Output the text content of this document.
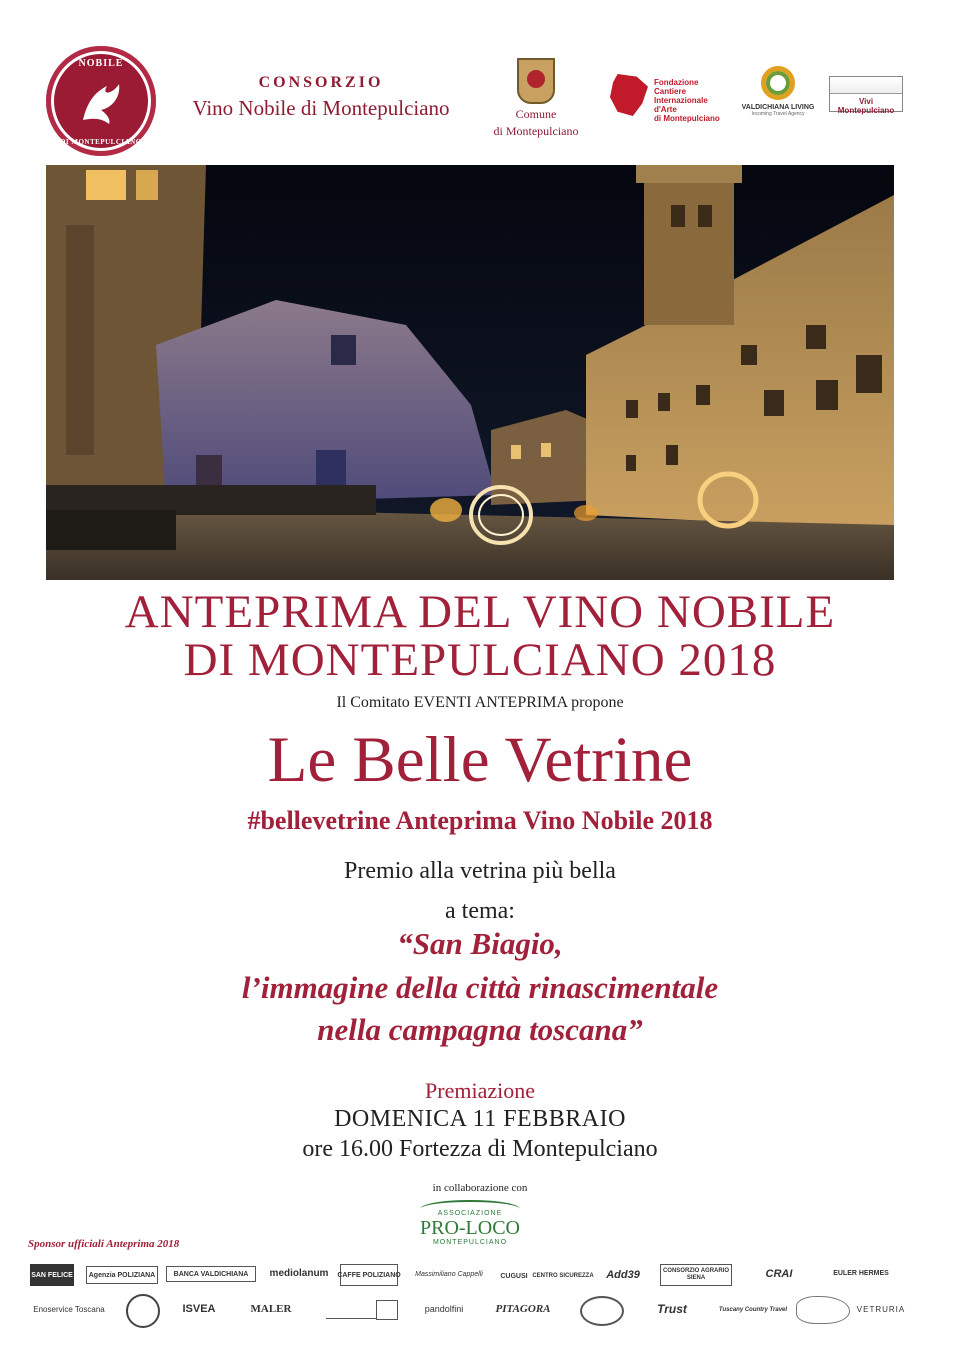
NOBILE
DI MONTEPULCIANO
CONSORZIO
Vino Nobile di Montepulciano	Comune
di Montepulciano
Fondazione
Cantiere
Internazionale
d'Arte
di Montepulciano
VALDICHIANA LIVING
Incoming Travel Agency
Vivi Montepulciano
ANTEPRIMA DEL VINO NOBILE
DI MONTEPULCIANO 2018
Il Comitato EVENTI ANTEPRIMA propone
Le Belle Vetrine
#bellevetrine Anteprima Vino Nobile 2018
Premio alla vetrina più bella
a tema:
“San Biagio,
l’immagine della città rinascimentale
nella campagna toscana”
Premiazione
DOMENICA 11 FEBBRAIO
ore 16.00 Fortezza di Montepulciano
in collaborazione con
ASSOCIAZIONE
PRO-LOCO
MONTEPULCIANO
Sponsor ufficiali Anteprima 2018
SAN FELICE	Agenzia POLIZIANA	BANCA VALDICHIANA	mediolanum	CAFFE POLIZIANO	Massimiliano Cappelli	CUGUSI CENTRO SICUREZZA	Add39	CONSORZIO AGRARIO SIENA	CRAI	EULER HERMES
Enoservice Toscana	ISVEA	MALER	pandolfini	PITAGORA	Trust	Tuscany Country Travel	VETRURIA
